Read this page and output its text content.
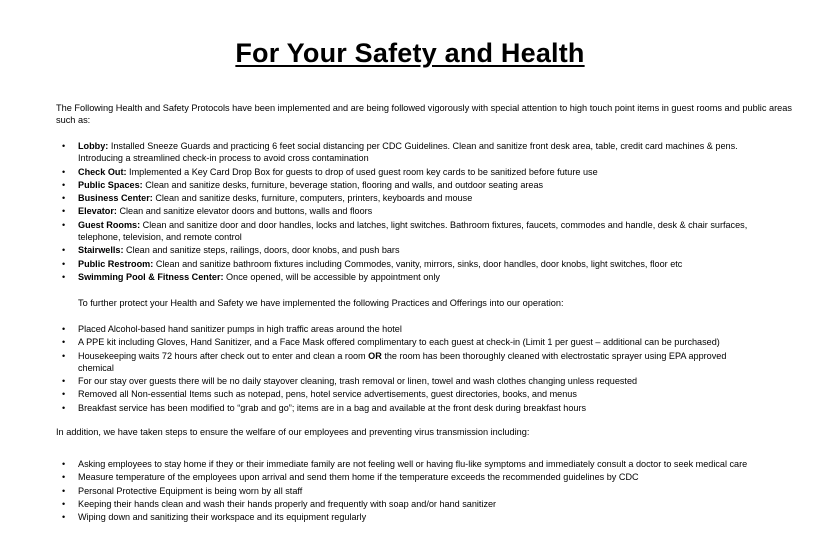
For Your Safety and Health
The Following Health and Safety Protocols have been implemented and are being followed vigorously with special attention to high touch point items in guest rooms and public areas such as:
• Lobby: Installed Sneeze Guards and practicing 6 feet social distancing per CDC Guidelines. Clean and sanitize front desk area, table, credit card machines & pens. Introducing a streamlined check-in process to avoid cross contamination
• Check Out: Implemented a Key Card Drop Box for guests to drop of used guest room key cards to be sanitized before future use
• Public Spaces: Clean and sanitize desks, furniture, beverage station, flooring and walls, and outdoor seating areas
• Business Center: Clean and sanitize desks, furniture, computers, printers, keyboards and mouse
• Elevator: Clean and sanitize elevator doors and buttons, walls and floors
• Guest Rooms: Clean and sanitize door and door handles, locks and latches, light switches. Bathroom fixtures, faucets, commodes and handle, desk & chair surfaces, telephone, television, and remote control
• Stairwells: Clean and sanitize steps, railings, doors, door knobs, and push bars
• Public Restroom: Clean and sanitize bathroom fixtures including Commodes, vanity, mirrors, sinks, door handles, door knobs, light switches, floor etc
• Swimming Pool & Fitness Center: Once opened, will be accessible by appointment only
To further protect your Health and Safety we have implemented the following Practices and Offerings into our operation:
• Placed Alcohol-based hand sanitizer pumps in high traffic areas around the hotel
• A PPE kit including Gloves, Hand Sanitizer, and a Face Mask offered complimentary to each guest at check-in (Limit 1 per guest – additional can be purchased)
• Housekeeping waits 72 hours after check out to enter and clean a room OR the room has been thoroughly cleaned with electrostatic sprayer using EPA approved chemical
• For our stay over guests there will be no daily stayover cleaning, trash removal or linen, towel and wash clothes changing unless requested
• Removed all Non-essential Items such as notepad, pens, hotel service advertisements, guest directories, books, and menus
• Breakfast service has been modified to “grab and go”; items are in a bag and available at the front desk during breakfast hours
In addition, we have taken steps to ensure the welfare of our employees and preventing virus transmission including:
• Asking employees to stay home if they or their immediate family are not feeling well or having flu-like symptoms and immediately consult a doctor to seek medical care
• Measure temperature of the employees upon arrival and send them home if the temperature exceeds the recommended guidelines by CDC
• Personal Protective Equipment is being worn by all staff
• Keeping their hands clean and wash their hands properly and frequently with soap and/or hand sanitizer
• Wiping down and sanitizing their workspace and its equipment regularly
